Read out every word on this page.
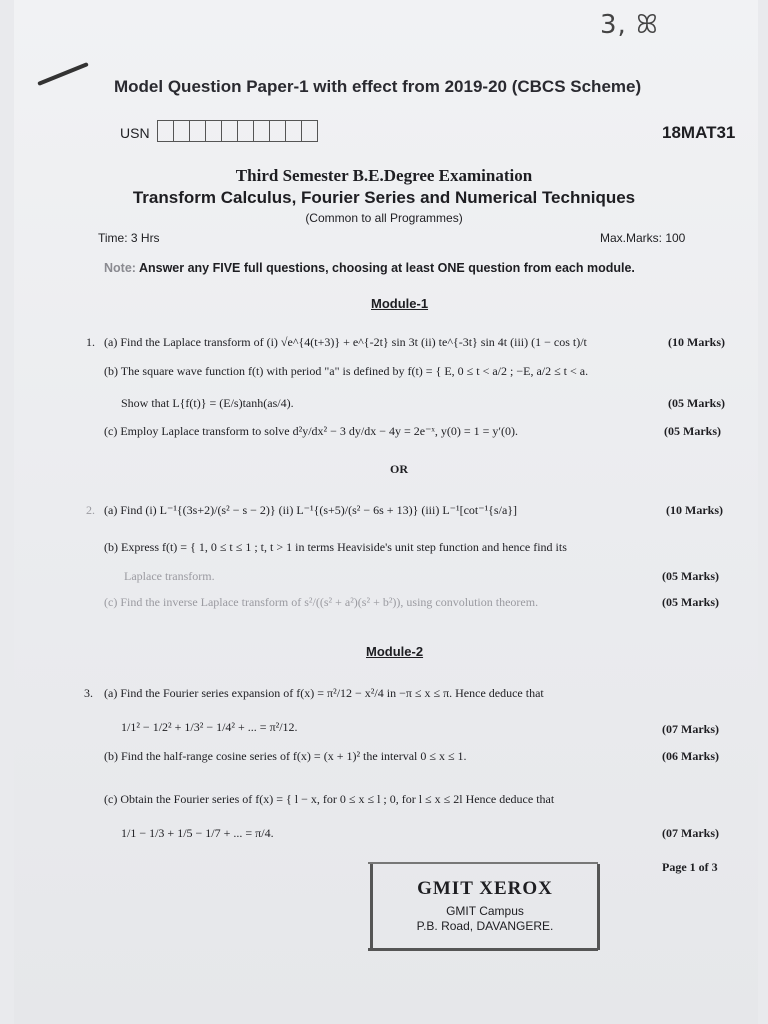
3, ꕤ
Model Question Paper-1 with effect from 2019-20 (CBCS Scheme)
USN	18MAT31
Third Semester B.E.Degree Examination
Transform Calculus, Fourier Series and Numerical Techniques
(Common to all Programmes)
Time: 3 Hrs	Max.Marks: 100
Note: Answer any FIVE full questions, choosing at least ONE question from each module.
Module-1
1. (a) Find the Laplace transform of (i) √e^{4(t+3)} + e^{-2t} sin 3t (ii) te^{-3t} sin 4t (iii) (1 − cos t)/t	(10 Marks)
(b) The square wave function f(t) with period "a" is defined by f(t) = { E, 0 ≤ t < a/2 ; −E, a/2 ≤ t < a.
Show that L{f(t)} = (E/s)tanh(as/4).	(05 Marks)
(c) Employ Laplace transform to solve d²y/dx² − 3 dy/dx − 4y = 2e⁻ˣ, y(0) = 1 = y′(0).	(05 Marks)
OR
2. (a) Find (i) L⁻¹{(3s+2)/(s² − s − 2)} (ii) L⁻¹{(s+5)/(s² − 6s + 13)} (iii) L⁻¹[cot⁻¹{s/a}]	(10 Marks)
(b) Express f(t) = { 1, 0 ≤ t ≤ 1 ; t, t > 1 in terms Heaviside's unit step function and hence find its
Laplace transform.	(05 Marks)
(c) Find the inverse Laplace transform of s²/((s² + a²)(s² + b²)), using convolution theorem.	(05 Marks)
Module-2
3. (a) Find the Fourier series expansion of f(x) = π²/12 − x²/4 in −π ≤ x ≤ π. Hence deduce that
1/1² − 1/2² + 1/3² − 1/4² + ... = π²/12.	(07 Marks)
(b) Find the half-range cosine series of f(x) = (x + 1)² the interval 0 ≤ x ≤ 1.	(06 Marks)
(c) Obtain the Fourier series of f(x) = { l − x, for 0 ≤ x ≤ l ; 0, for l ≤ x ≤ 2l Hence deduce that
1/1 − 1/3 + 1/5 − 1/7 + ... = π/4.	(07 Marks)
Page 1 of 3
GMIT XEROX
GMIT Campus
P.B. Road, DAVANGERE.
